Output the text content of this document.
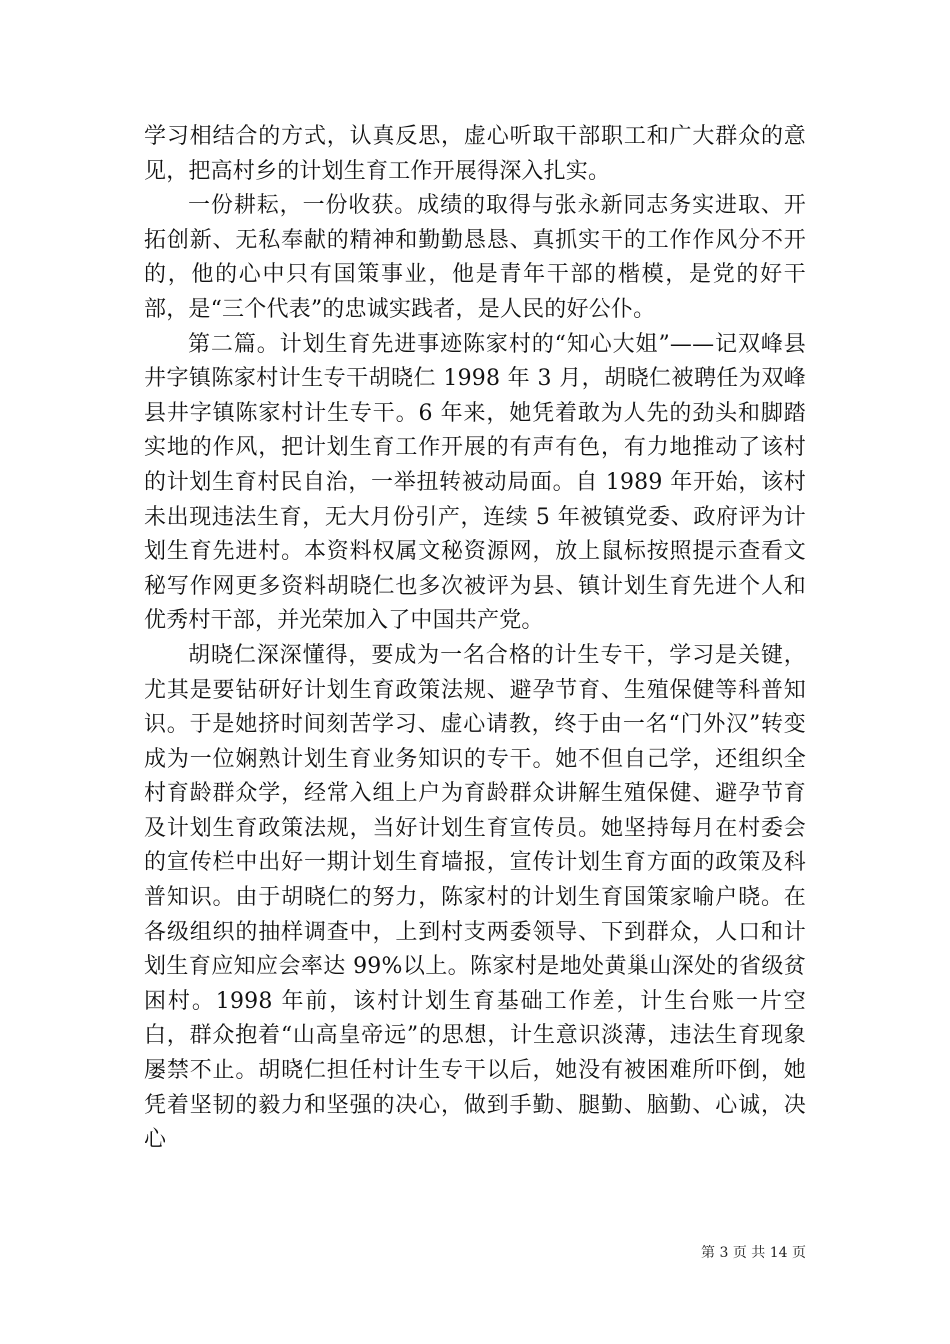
学习相结合的方式，认真反思，虚心听取干部职工和广大群众的意见，把高村乡的计划生育工作开展得深入扎实。

一份耕耘，一份收获。成绩的取得与张永新同志务实进取、开拓创新、无私奉献的精神和勤勤恳恳、真抓实干的工作作风分不开的，他的心中只有国策事业，他是青年干部的楷模，是党的好干部，是“三个代表”的忠诚实践者，是人民的好公仆。

第二篇。计划生育先进事迹陈家村的“知心大姐”——记双峰县井字镇陈家村计生专干胡晓仁 1998 年 3 月，胡晓仁被聘任为双峰县井字镇陈家村计生专干。6 年来，她凭着敢为人先的劲头和脚踏实地的作风，把计划生育工作开展的有声有色，有力地推动了该村的计划生育村民自治，一举扭转被动局面。自 1989 年开始，该村未出现违法生育，无大月份引产，连续 5 年被镇党委、政府评为计划生育先进村。本资料权属文秘资源网，放上鼠标按照提示查看文秘写作网更多资料胡晓仁也多次被评为县、镇计划生育先进个人和优秀村干部，并光荣加入了中国共产党。

胡晓仁深深懂得，要成为一名合格的计生专干，学习是关键，尤其是要钻研好计划生育政策法规、避孕节育、生殖保健等科普知识。于是她挤时间刻苦学习、虚心请教，终于由一名“门外汉”转变成为一位娴熟计划生育业务知识的专干。她不但自己学，还组织全村育龄群众学，经常入组上户为育龄群众讲解生殖保健、避孕节育及计划生育政策法规，当好计划生育宣传员。她坚持每月在村委会的宣传栏中出好一期计划生育墙报，宣传计划生育方面的政策及科普知识。由于胡晓仁的努力，陈家村的计划生育国策家喻户晓。在各级组织的抽样调查中，上到村支两委领导、下到群众，人口和计划生育应知应会率达 99%以上。陈家村是地处黄巢山深处的省级贫困村。1998 年前，该村计划生育基础工作差，计生台账一片空白，群众抱着“山高皇帝远”的思想，计生意识淡薄，违法生育现象屡禁不止。胡晓仁担任村计生专干以后，她没有被困难所吓倒，她凭着坚韧的毅力和坚强的决心，做到手勤、腿勤、脑勤、心诚，决心

第 3 页 共 14 页
